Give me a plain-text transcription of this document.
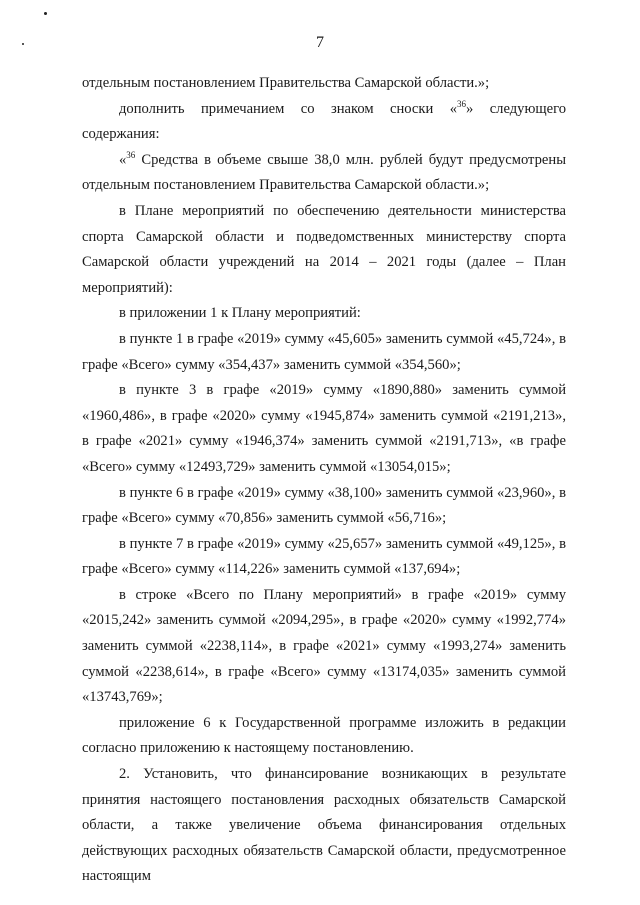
7

отдельным постановлением Правительства Самарской области.»;

дополнить примечанием со знаком сноски «$^{36}$» следующего содержания:

«$^{36}$ Средства в объеме свыше 38,0 млн. рублей будут предусмотрены отдельным постановлением Правительства Самарской области.»;

в Плане мероприятий по обеспечению деятельности министерства спорта Самарской области и подведомственных министерству спорта Самарской области учреждений на 2014 – 2021 годы (далее – План мероприятий):

в приложении 1 к Плану мероприятий:

в пункте 1 в графе «2019» сумму «45,605» заменить суммой «45,724», в графе «Всего» сумму «354,437» заменить суммой «354,560»;

в пункте 3 в графе «2019» сумму «1890,880» заменить суммой «1960,486», в графе «2020» сумму «1945,874» заменить суммой «2191,213», в графе «2021» сумму «1946,374» заменить суммой «2191,713», «в графе «Всего» сумму «12493,729» заменить суммой «13054,015»;

в пункте 6 в графе «2019» сумму «38,100» заменить суммой «23,960», в графе «Всего» сумму «70,856» заменить суммой «56,716»;

в пункте 7 в графе «2019» сумму «25,657» заменить суммой «49,125», в графе «Всего» сумму «114,226» заменить суммой «137,694»;

в строке «Всего по Плану мероприятий» в графе «2019» сумму «2015,242» заменить суммой «2094,295», в графе «2020» сумму «1992,774» заменить суммой «2238,114», в графе «2021» сумму «1993,274» заменить суммой «2238,614», в графе «Всего» сумму «13174,035» заменить суммой «13743,769»;

приложение 6 к Государственной программе изложить в редакции согласно приложению к настоящему постановлению.

2. Установить, что финансирование возникающих в результате принятия настоящего постановления расходных обязательств Самарской области, а также увеличение объема финансирования отдельных действующих расходных обязательств Самарской области, предусмотренное настоящим
